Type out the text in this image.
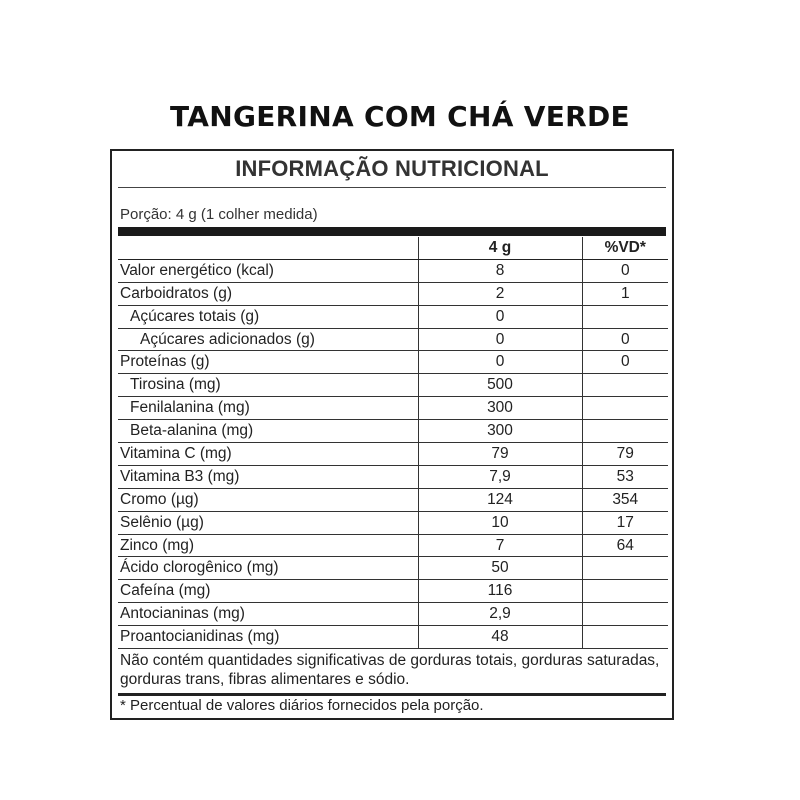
TANGERINA COM CHÁ VERDE
INFORMAÇÃO NUTRICIONAL
Porção: 4 g (1 colher medida)
	4 g	%VD*
Valor energético (kcal)	8	0
Carboidratos (g)	2	1
Açúcares totais (g)	0	
Açúcares adicionados (g)	0	0
Proteínas (g)	0	0
Tirosina (mg)	500	
Fenilalanina (mg)	300	
Beta-alanina (mg)	300	
Vitamina C (mg)	79	79
Vitamina B3 (mg)	7,9	53
Cromo (µg)	124	354
Selênio (µg)	10	17
Zinco (mg)	7	64
Ácido clorogênico (mg)	50	
Cafeína (mg)	116	
Antocianinas (mg)	2,9	
Proantocianidinas (mg)	48	
Não contém quantidades significativas de gorduras totais, gorduras saturadas, gorduras trans, fibras alimentares e sódio.
* Percentual de valores diários fornecidos pela porção.
